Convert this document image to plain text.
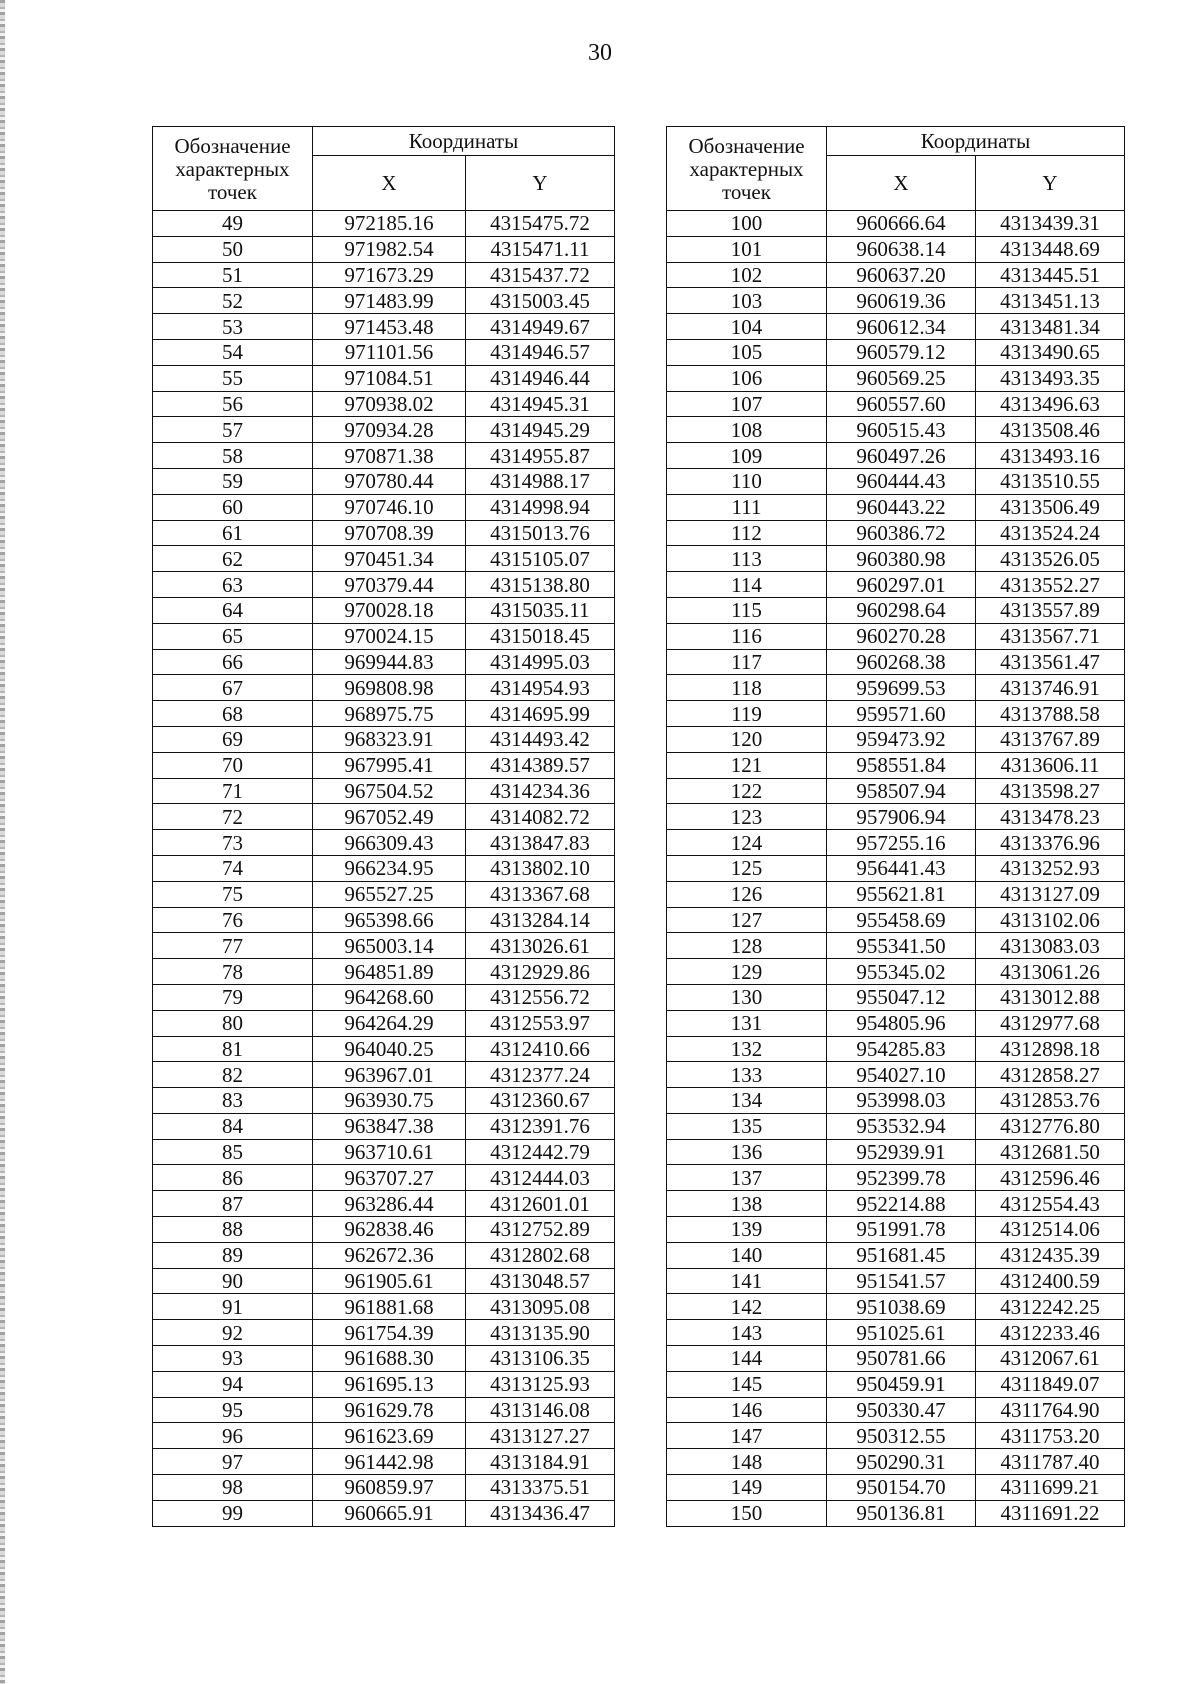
30
Обозначение характерных точек	Координаты	
	X	Y
49	972185.16	4315475.72
50	971982.54	4315471.11
51	971673.29	4315437.72
52	971483.99	4315003.45
53	971453.48	4314949.67
54	971101.56	4314946.57
55	971084.51	4314946.44
56	970938.02	4314945.31
57	970934.28	4314945.29
58	970871.38	4314955.87
59	970780.44	4314988.17
60	970746.10	4314998.94
61	970708.39	4315013.76
62	970451.34	4315105.07
63	970379.44	4315138.80
64	970028.18	4315035.11
65	970024.15	4315018.45
66	969944.83	4314995.03
67	969808.98	4314954.93
68	968975.75	4314695.99
69	968323.91	4314493.42
70	967995.41	4314389.57
71	967504.52	4314234.36
72	967052.49	4314082.72
73	966309.43	4313847.83
74	966234.95	4313802.10
75	965527.25	4313367.68
76	965398.66	4313284.14
77	965003.14	4313026.61
78	964851.89	4312929.86
79	964268.60	4312556.72
80	964264.29	4312553.97
81	964040.25	4312410.66
82	963967.01	4312377.24
83	963930.75	4312360.67
84	963847.38	4312391.76
85	963710.61	4312442.79
86	963707.27	4312444.03
87	963286.44	4312601.01
88	962838.46	4312752.89
89	962672.36	4312802.68
90	961905.61	4313048.57
91	961881.68	4313095.08
92	961754.39	4313135.90
93	961688.30	4313106.35
94	961695.13	4313125.93
95	961629.78	4313146.08
96	961623.69	4313127.27
97	961442.98	4313184.91
98	960859.97	4313375.51
99	960665.91	4313436.47
Обозначение характерных точек	Координаты	
	X	Y
100	960666.64	4313439.31
101	960638.14	4313448.69
102	960637.20	4313445.51
103	960619.36	4313451.13
104	960612.34	4313481.34
105	960579.12	4313490.65
106	960569.25	4313493.35
107	960557.60	4313496.63
108	960515.43	4313508.46
109	960497.26	4313493.16
110	960444.43	4313510.55
111	960443.22	4313506.49
112	960386.72	4313524.24
113	960380.98	4313526.05
114	960297.01	4313552.27
115	960298.64	4313557.89
116	960270.28	4313567.71
117	960268.38	4313561.47
118	959699.53	4313746.91
119	959571.60	4313788.58
120	959473.92	4313767.89
121	958551.84	4313606.11
122	958507.94	4313598.27
123	957906.94	4313478.23
124	957255.16	4313376.96
125	956441.43	4313252.93
126	955621.81	4313127.09
127	955458.69	4313102.06
128	955341.50	4313083.03
129	955345.02	4313061.26
130	955047.12	4313012.88
131	954805.96	4312977.68
132	954285.83	4312898.18
133	954027.10	4312858.27
134	953998.03	4312853.76
135	953532.94	4312776.80
136	952939.91	4312681.50
137	952399.78	4312596.46
138	952214.88	4312554.43
139	951991.78	4312514.06
140	951681.45	4312435.39
141	951541.57	4312400.59
142	951038.69	4312242.25
143	951025.61	4312233.46
144	950781.66	4312067.61
145	950459.91	4311849.07
146	950330.47	4311764.90
147	950312.55	4311753.20
148	950290.31	4311787.40
149	950154.70	4311699.21
150	950136.81	4311691.22
